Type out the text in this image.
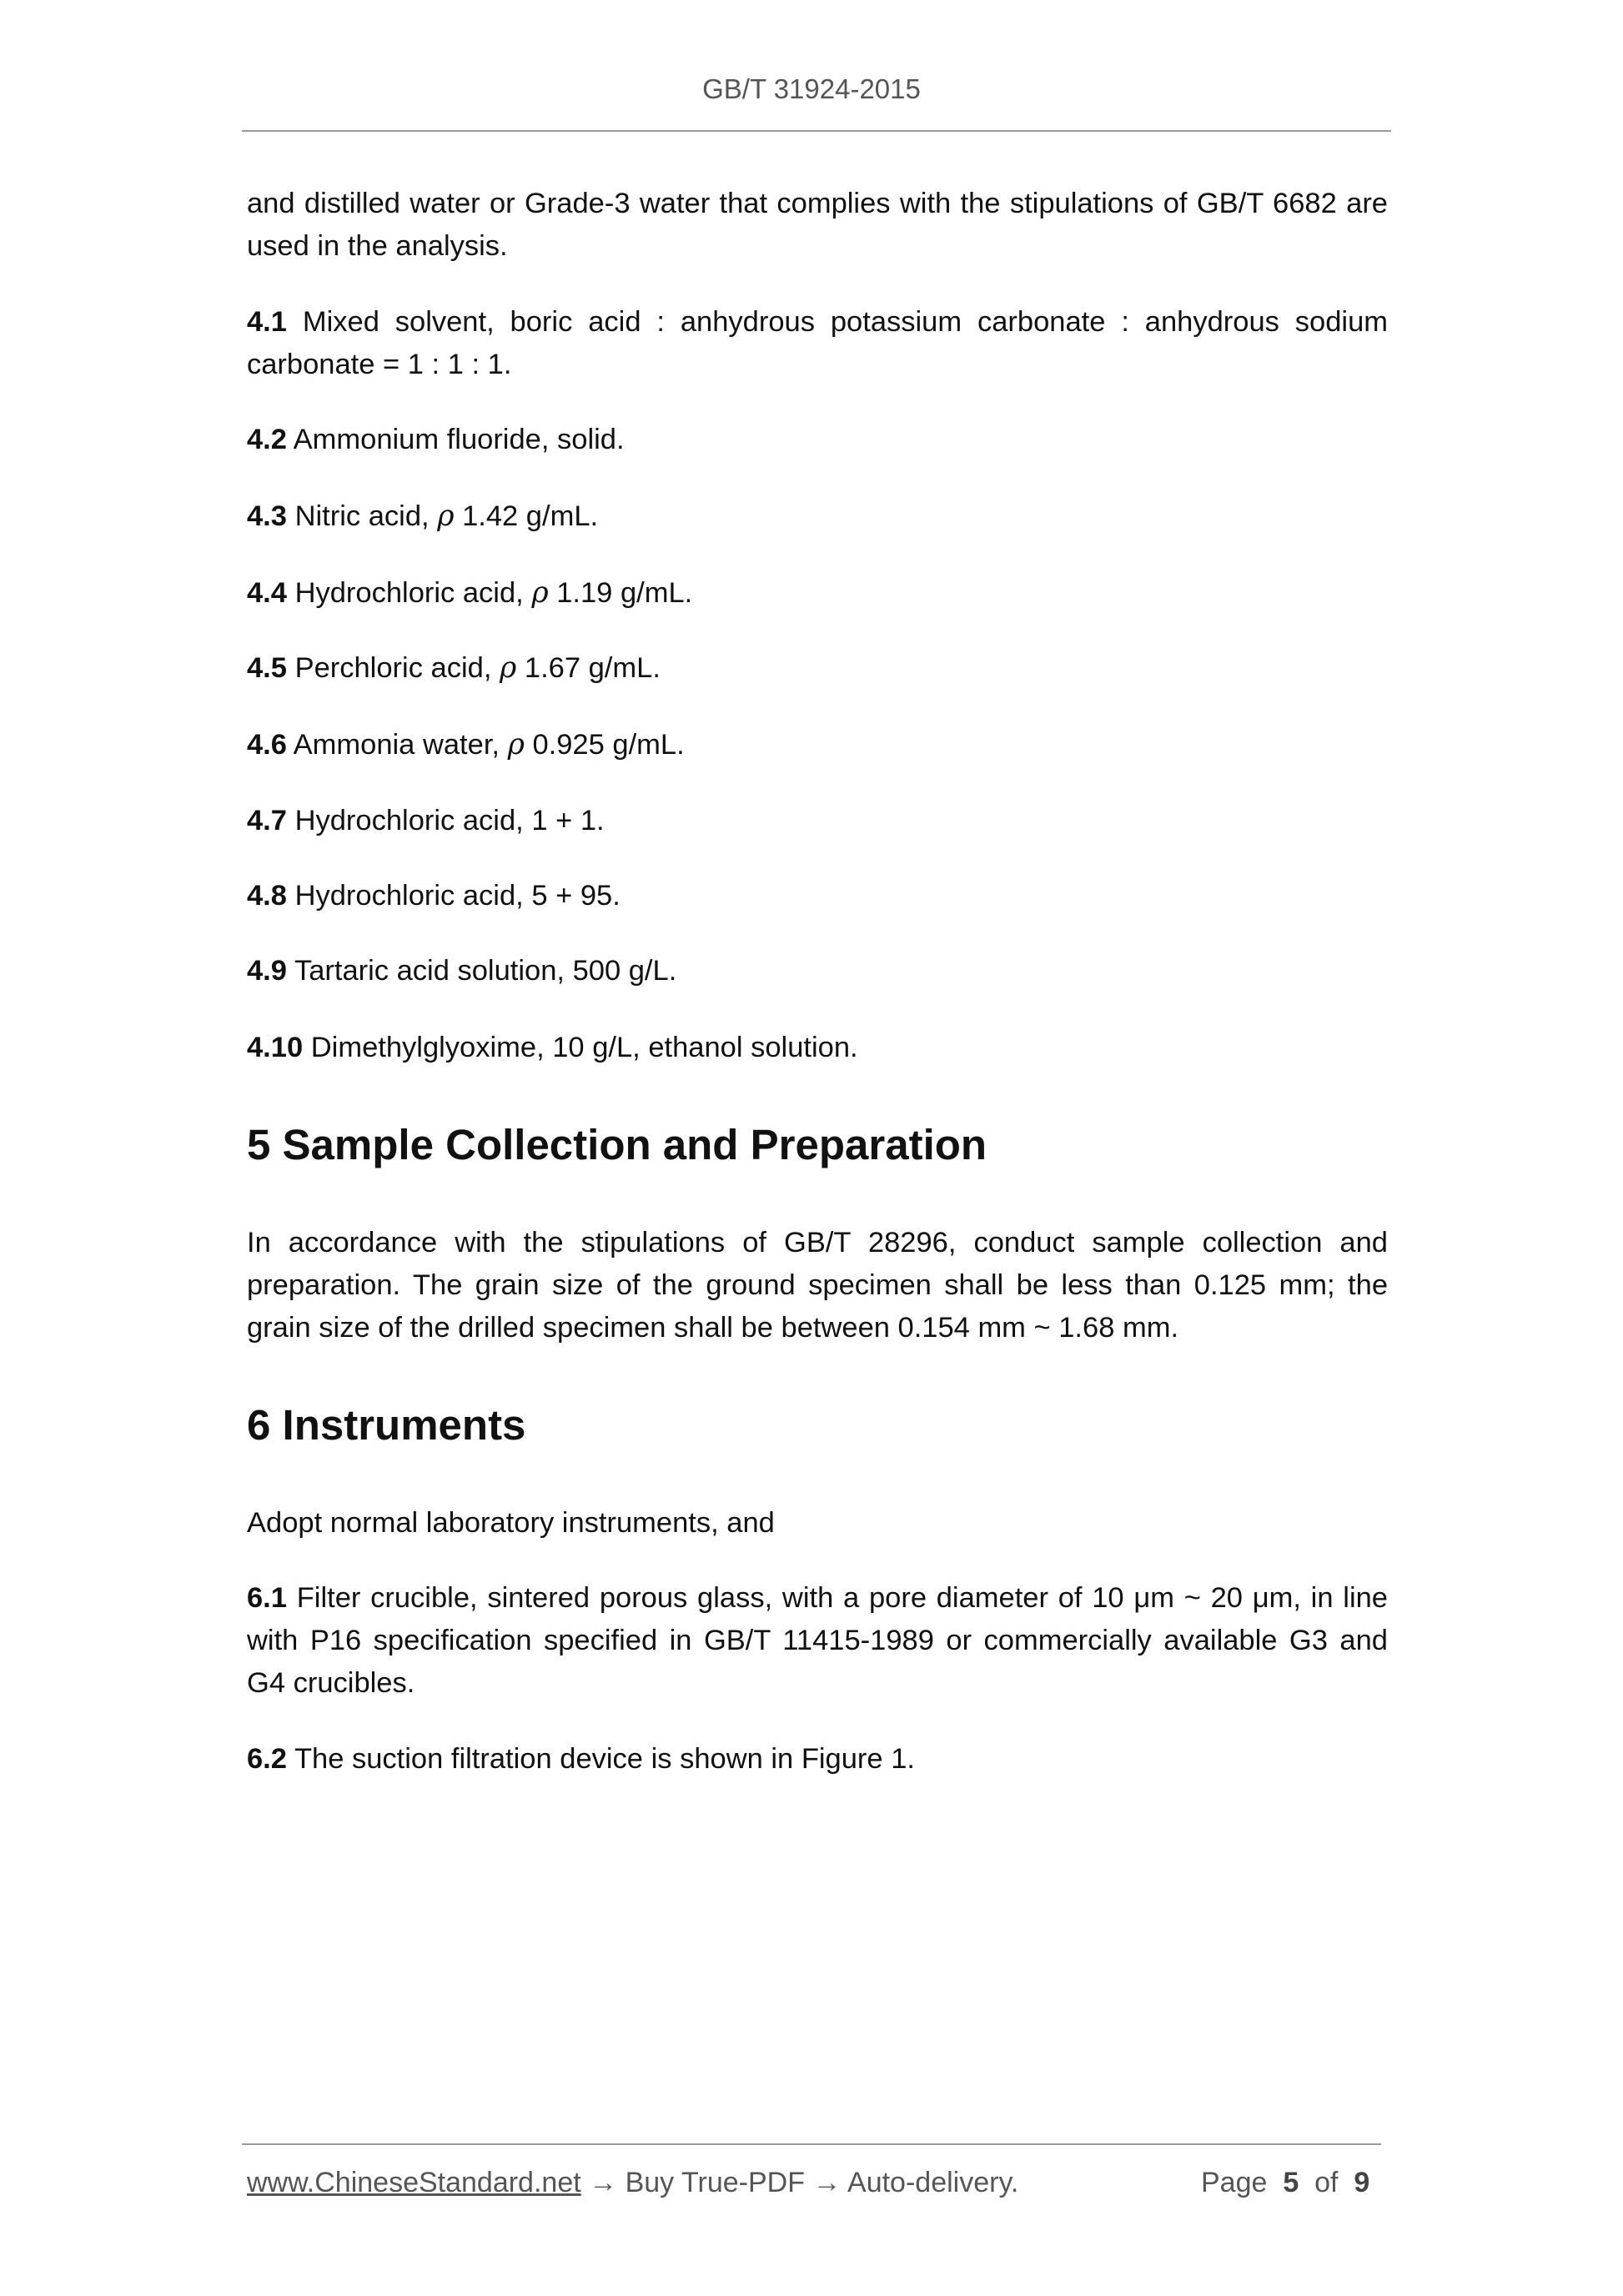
GB/T 31924-2015
and distilled water or Grade-3 water that complies with the stipulations of GB/T 6682 are used in the analysis.
4.1 Mixed solvent, boric acid : anhydrous potassium carbonate : anhydrous sodium carbonate = 1 : 1 : 1.
4.2 Ammonium fluoride, solid.
4.3 Nitric acid, ρ 1.42 g/mL.
4.4 Hydrochloric acid, ρ 1.19 g/mL.
4.5 Perchloric acid, ρ 1.67 g/mL.
4.6 Ammonia water, ρ 0.925 g/mL.
4.7 Hydrochloric acid, 1 + 1.
4.8 Hydrochloric acid, 5 + 95.
4.9 Tartaric acid solution, 500 g/L.
4.10 Dimethylglyoxime, 10 g/L, ethanol solution.
5 Sample Collection and Preparation
In accordance with the stipulations of GB/T 28296, conduct sample collection and preparation. The grain size of the ground specimen shall be less than 0.125 mm; the grain size of the drilled specimen shall be between 0.154 mm ~ 1.68 mm.
6 Instruments
Adopt normal laboratory instruments, and
6.1 Filter crucible, sintered porous glass, with a pore diameter of 10 μm ~ 20 μm, in line with P16 specification specified in GB/T 11415-1989 or commercially available G3 and G4 crucibles.
6.2 The suction filtration device is shown in Figure 1.
www.ChineseStandard.net → Buy True-PDF → Auto-delivery.	Page 5 of 9
